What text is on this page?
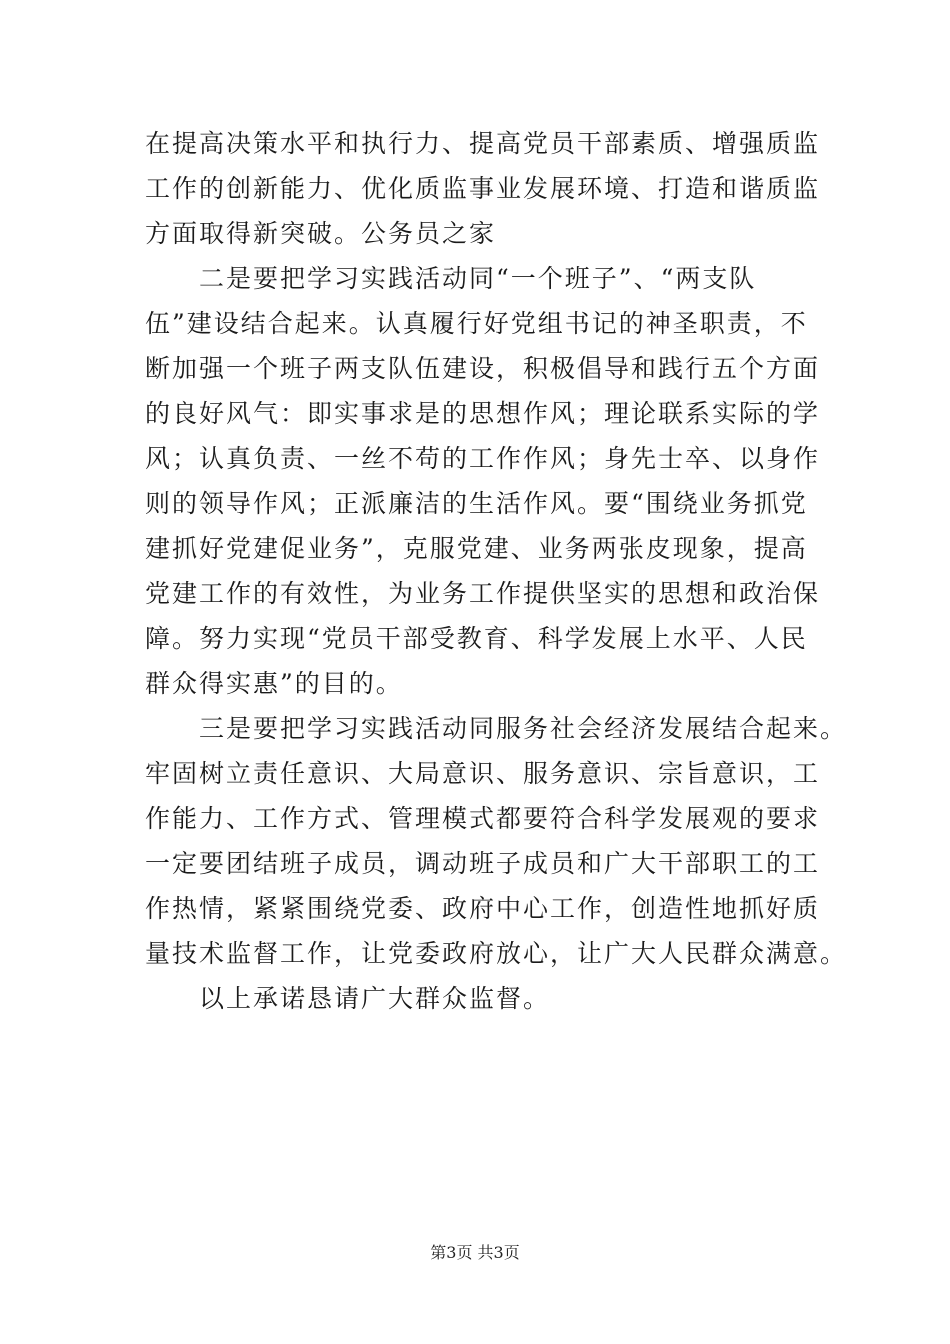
在提高决策水平和执行力、提高党员干部素质、增强质监
工作的创新能力、优化质监事业发展环境、打造和谐质监
方面取得新突破。公务员之家
　　二是要把学习实践活动同“一个班子”、“两支队
伍”建设结合起来。认真履行好党组书记的神圣职责，不
断加强一个班子两支队伍建设，积极倡导和践行五个方面
的良好风气：即实事求是的思想作风；理论联系实际的学
风；认真负责、一丝不苟的工作作风；身先士卒、以身作
则的领导作风；正派廉洁的生活作风。要“围绕业务抓党
建抓好党建促业务”，克服党建、业务两张皮现象，提高
党建工作的有效性，为业务工作提供坚实的思想和政治保
障。努力实现“党员干部受教育、科学发展上水平、人民
群众得实惠”的目的。
　　三是要把学习实践活动同服务社会经济发展结合起来。
牢固树立责任意识、大局意识、服务意识、宗旨意识，工
作能力、工作方式、管理模式都要符合科学发展观的要求
一定要团结班子成员，调动班子成员和广大干部职工的工
作热情，紧紧围绕党委、政府中心工作，创造性地抓好质
量技术监督工作，让党委政府放心，让广大人民群众满意。
　　以上承诺恳请广大群众监督。
第3页 共3页
